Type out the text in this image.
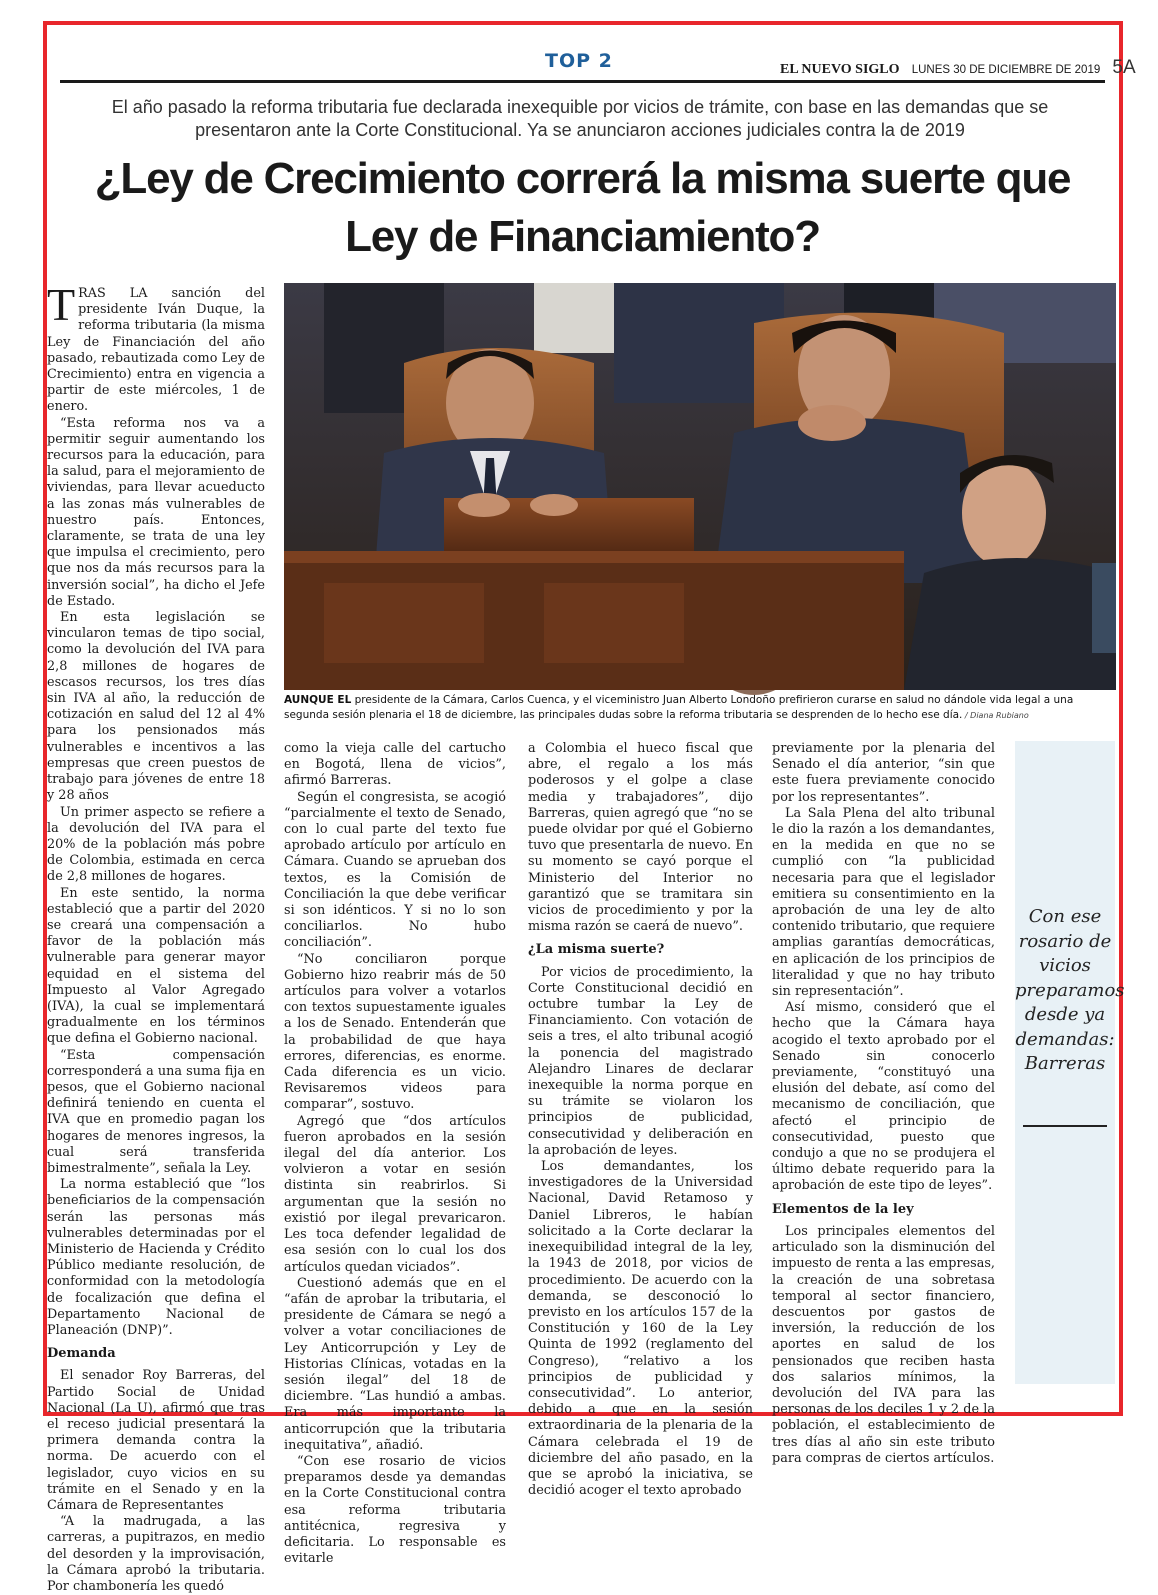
TOP 2	EL NUEVO SIGLO LUNES 30 DE DICIEMBRE DE 2019 5A
El año pasado la reforma tributaria fue declarada inexequible por vicios de trámite, con base en las demandas que se presentaron ante la Corte Constitucional. Ya se anunciaron acciones judiciales contra la de 2019
¿Ley de Crecimiento correrá la misma suerte que Ley de Financiamiento?
AUNQUE EL presidente de la Cámara, Carlos Cuenca, y el viceministro Juan Alberto Londoño prefirieron curarse en salud no dándole vida legal a una segunda sesión plenaria el 18 de diciembre, las principales dudas sobre la reforma tributaria se desprenden de lo hecho ese día. / Diana Rubiano

TRAS LA sanción del presidente Iván Duque, la reforma tributaria (la misma Ley de Financiación del año pasado, rebautizada como Ley de Crecimiento) entra en vigencia a partir de este miércoles, 1 de enero.

“Esta reforma nos va a permitir seguir aumentando los recursos para la educación, para la salud, para el mejoramiento de viviendas, para llevar acueducto a las zonas más vulnerables de nuestro país. Entonces, claramente, se trata de una ley que impulsa el crecimiento, pero que nos da más recursos para la inversión social”, ha dicho el Jefe de Estado.

En esta legislación se vincularon temas de tipo social, como la devolución del IVA para 2,8 millones de hogares de escasos recursos, los tres días sin IVA al año, la reducción de cotización en salud del 12 al 4% para los pensionados más vulnerables e incentivos a las empresas que creen puestos de trabajo para jóvenes de entre 18 y 28 años

Un primer aspecto se refiere a la devolución del IVA para el 20% de la población más pobre de Colombia, estimada en cerca de 2,8 millones de hogares.

En este sentido, la norma estableció que a partir del 2020 se creará una compensación a favor de la población más vulnerable para generar mayor equidad en el sistema del Impuesto al Valor Agregado (IVA), la cual se implementará gradualmente en los términos que defina el Gobierno nacional.

“Esta compensación corresponderá a una suma fija en pesos, que el Gobierno nacional definirá teniendo en cuenta el IVA que en promedio pagan los hogares de menores ingresos, la cual será transferida bimestralmente”, señala la Ley.

La norma estableció que “los beneficiarios de la compensación serán las personas más vulnerables determinadas por el Ministerio de Hacienda y Crédito Público mediante resolución, de conformidad con la metodología de focalización que defina el Departamento Nacional de Planeación (DNP)”.

Demanda

El senador Roy Barreras, del Partido Social de Unidad Nacional (La U), afirmó que tras el receso judicial presentará la primera demanda contra la norma. De acuerdo con el legislador, cuyo vicios en su trámite en el Senado y en la Cámara de Representantes

“A la madrugada, a las carreras, a pupitrazos, en medio del desorden y la improvisación, la Cámara aprobó la tributaria. Por chambonería les quedó

como la vieja calle del cartucho en Bogotá, llena de vicios”, afirmó Barreras.

Según el congresista, se acogió “parcialmente el texto de Senado, con lo cual parte del texto fue aprobado artículo por artículo en Cámara. Cuando se aprueban dos textos, es la Comisión de Conciliación la que debe verificar si son idénticos. Y si no lo son conciliarlos. No hubo conciliación”.

“No conciliaron porque Gobierno hizo reabrir más de 50 artículos para volver a votarlos con textos supuestamente iguales a los de Senado. Entenderán que la probabilidad de que haya errores, diferencias, es enorme. Cada diferencia es un vicio. Revisaremos videos para comparar”, sostuvo.

Agregó que “dos artículos fueron aprobados en la sesión ilegal del día anterior. Los volvieron a votar en sesión distinta sin reabrirlos. Si argumentan que la sesión no existió por ilegal prevaricaron. Les toca defender legalidad de esa sesión con lo cual los dos artículos quedan viciados”.

Cuestionó además que en el “afán de aprobar la tributaria, el presidente de Cámara se negó a volver a votar conciliaciones de Ley Anticorrupción y Ley de Historias Clínicas, votadas en la sesión ilegal” del 18 de diciembre. “Las hundió a ambas. Era más importante la anticorrupción que la tributaria inequitativa”, añadió.

“Con ese rosario de vicios preparamos desde ya demandas en la Corte Constitucional contra esa reforma tributaria antitécnica, regresiva y deficitaria. Lo responsable es evitarle

a Colombia el hueco fiscal que abre, el regalo a los más poderosos y el golpe a clase media y trabajadores”, dijo Barreras, quien agregó que “no se puede olvidar por qué el Gobierno tuvo que presentarla de nuevo. En su momento se cayó porque el Ministerio del Interior no garantizó que se tramitara sin vicios de procedimiento y por la misma razón se caerá de nuevo”.

¿La misma suerte?

Por vicios de procedimiento, la Corte Constitucional decidió en octubre tumbar la Ley de Financiamiento. Con votación de seis a tres, el alto tribunal acogió la ponencia del magistrado Alejandro Linares de declarar inexequible la norma porque en su trámite se violaron los principios de publicidad, consecutividad y deliberación en la aprobación de leyes.

Los demandantes, los investigadores de la Universidad Nacional, David Retamoso y Daniel Libreros, le habían solicitado a la Corte declarar la inexequibilidad integral de la ley, la 1943 de 2018, por vicios de procedimiento. De acuerdo con la demanda, se desconoció lo previsto en los artículos 157 de la Constitución y 160 de la Ley Quinta de 1992 (reglamento del Congreso), “relativo a los principios de publicidad y consecutividad”. Lo anterior, debido a que en la sesión extraordinaria de la plenaria de la Cámara celebrada el 19 de diciembre del año pasado, en la que se aprobó la iniciativa, se decidió acoger el texto aprobado

previamente por la plenaria del Senado el día anterior, “sin que este fuera previamente conocido por los representantes”.

La Sala Plena del alto tribunal le dio la razón a los demandantes, en la medida en que no se cumplió con “la publicidad necesaria para que el legislador emitiera su consentimiento en la aprobación de una ley de alto contenido tributario, que requiere amplias garantías democráticas, en aplicación de los principios de literalidad y que no hay tributo sin representación”.

Así mismo, consideró que el hecho que la Cámara haya acogido el texto aprobado por el Senado sin conocerlo previamente, “constituyó una elusión del debate, así como del mecanismo de conciliación, que afectó el principio de consecutividad, puesto que condujo a que no se produjera el último debate requerido para la aprobación de este tipo de leyes”.

Elementos de la ley

Los principales elementos del articulado son la disminución del impuesto de renta a las empresas, la creación de una sobretasa temporal al sector financiero, descuentos por gastos de inversión, la reducción de los aportes en salud de los pensionados que reciben hasta dos salarios mínimos, la devolución del IVA para las personas de los deciles 1 y 2 de la población, el establecimiento de tres días al año sin este tributo para compras de ciertos artículos.

Con ese rosario de vicios preparamos desde ya demandas: Barreras
